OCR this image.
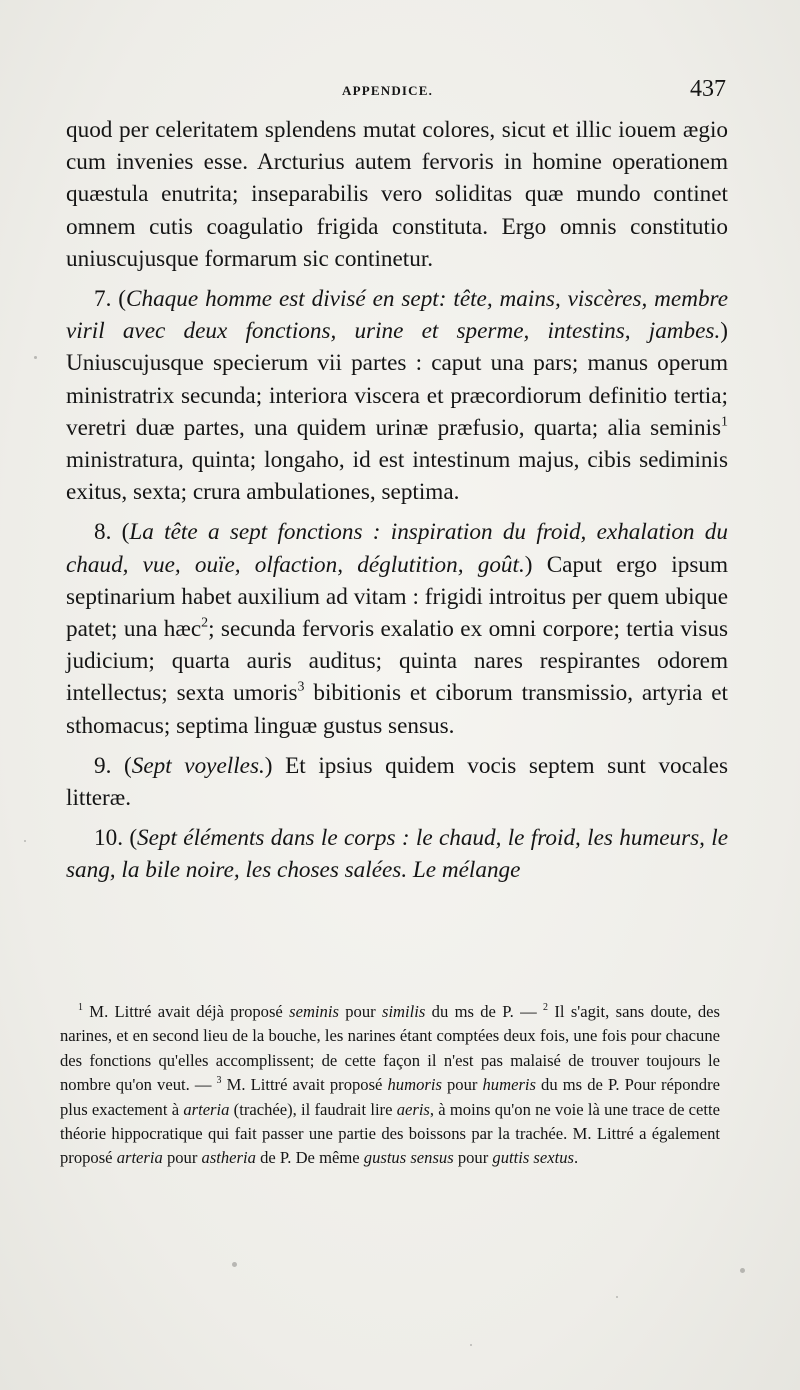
APPENDICE.	437

quod per celeritatem splendens mutat colores, sicut et illic iouem ægio cum invenies esse. Arcturius autem fervoris in homine operationem quæstula enutrita; inseparabilis vero soliditas quæ mundo continet omnem cutis coagulatio frigida constituta. Ergo omnis constitutio uniuscujusque formarum sic continetur.

7. (Chaque homme est divisé en sept: tête, mains, viscères, membre viril avec deux fonctions, urine et sperme, intestins, jambes.) Uniuscujusque specierum vii partes : caput una pars; manus operum ministratrix secunda; interiora viscera et præcordiorum definitio tertia; veretri duæ partes, una quidem urinæ præfusio, quarta; alia seminis$^1$ ministratura, quinta; longaho, id est intestinum majus, cibis sediminis exitus, sexta; crura ambulationes, septima.

8. (La tête a sept fonctions : inspiration du froid, exhalation du chaud, vue, ouïe, olfaction, déglutition, goût.) Caput ergo ipsum septinarium habet auxilium ad vitam : frigidi introitus per quem ubique patet; una hæc$^2$; secunda fervoris exalatio ex omni corpore; tertia visus judicium; quarta auris auditus; quinta nares respirantes odorem intellectus; sexta umoris$^3$ bibitionis et ciborum transmissio, artyria et sthomacus; septima linguæ gustus sensus.

9. (Sept voyelles.) Et ipsius quidem vocis septem sunt vocales litteræ.

10. (Sept éléments dans le corps : le chaud, le froid, les humeurs, le sang, la bile noire, les choses salées. Le mélange

$^1$ M. Littré avait déjà proposé seminis pour similis du ms de P. — $^2$ Il s'agit, sans doute, des narines, et en second lieu de la bouche, les narines étant comptées deux fois, une fois pour chacune des fonctions qu'elles accomplissent; de cette façon il n'est pas malaisé de trouver toujours le nombre qu'on veut. — $^3$ M. Littré avait proposé humoris pour humeris du ms de P. Pour répondre plus exactement à arteria (trachée), il faudrait lire aeris, à moins qu'on ne voie là une trace de cette théorie hippocratique qui fait passer une partie des boissons par la trachée. M. Littré a également proposé arteria pour astheria de P. De même gustus sensus pour guttis sextus.
